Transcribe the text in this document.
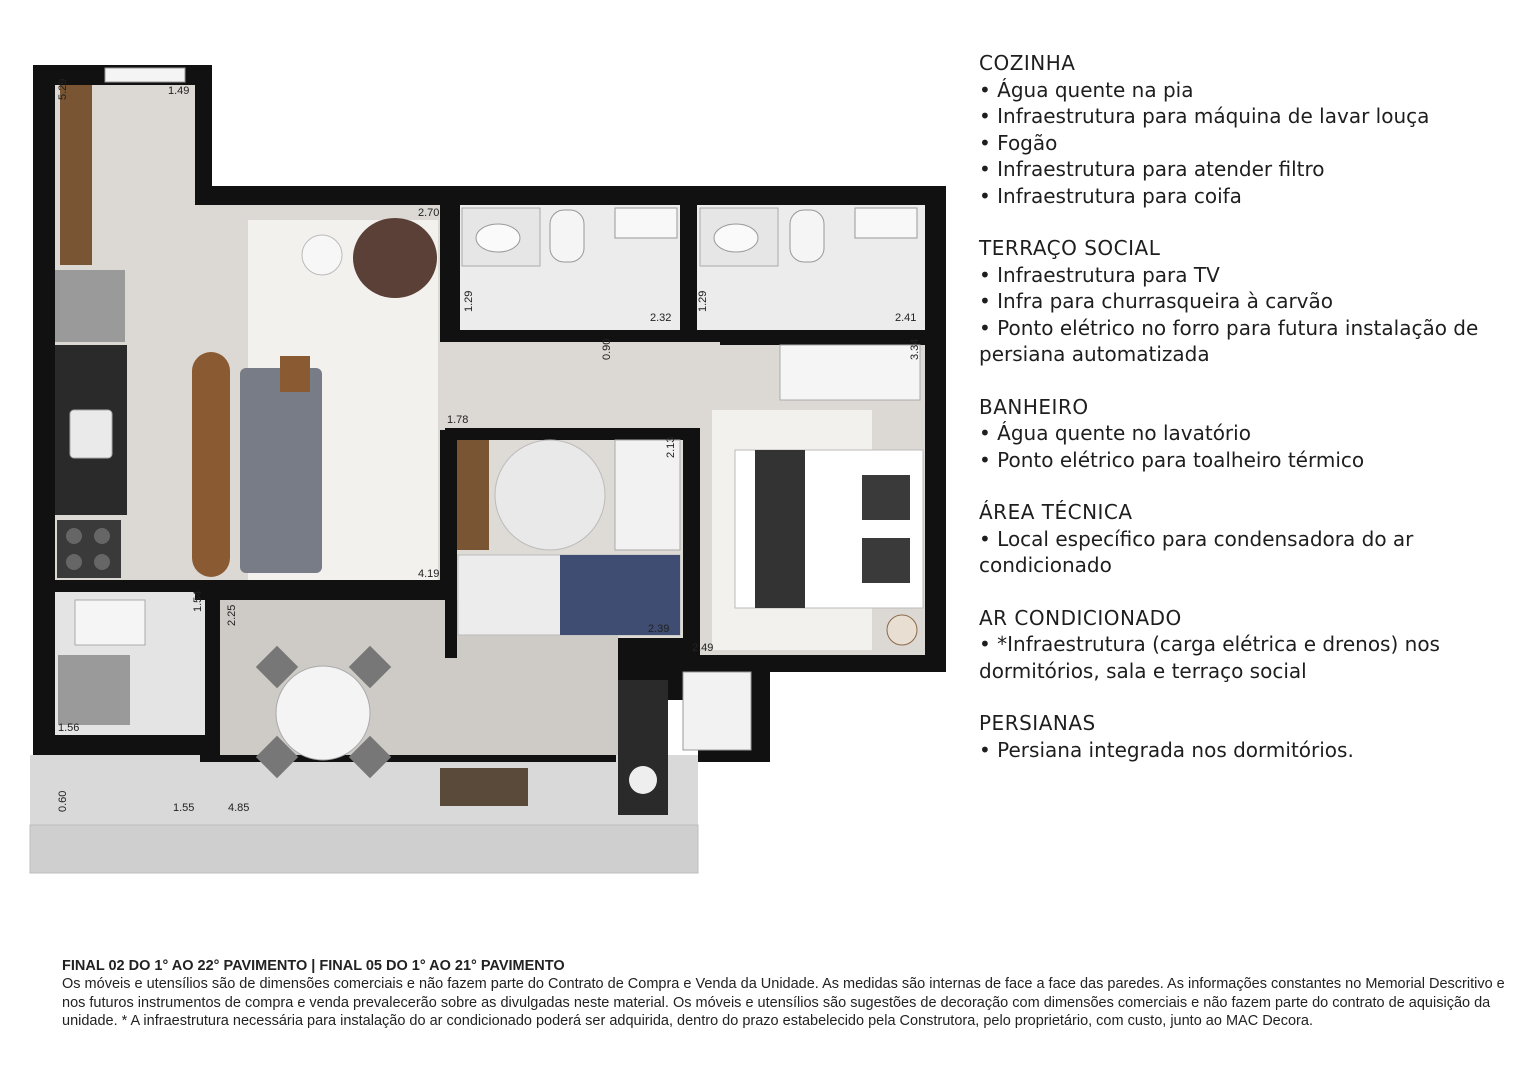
1.49
5.29
2.70
1.29
2.32
1.29
2.41
0.90	3.34
1.78
2.13
4.19
1.54
2.25
2.39
2.49
1.56
0.60	1.55	4.85
COZINHA
• Água quente na pia
• Infraestrutura para máquina de lavar louça
• Fogão
• Infraestrutura para atender filtro
• Infraestrutura para coifa
TERRAÇO SOCIAL
• Infraestrutura para TV
• Infra para churrasqueira à carvão
• Ponto elétrico no forro para futura instalação de persiana automatizada
BANHEIRO
• Água quente no lavatório
• Ponto elétrico para toalheiro térmico
ÁREA TÉCNICA
• Local específico para condensadora do ar condicionado
AR CONDICIONADO
• *Infraestrutura (carga elétrica e drenos) nos dormitórios, sala e terraço social
PERSIANAS
• Persiana integrada nos dormitórios.
FINAL 02 DO 1° AO 22° PAVIMENTO | FINAL 05 DO 1° AO 21° PAVIMENTO
Os móveis e utensílios são de dimensões comerciais e não fazem parte do Contrato de Compra e Venda da Unidade. As medidas são internas de face a face das paredes. As informações constantes no Memorial Descritivo e nos futuros instrumentos de compra e venda prevalecerão sobre as divulgadas neste material. Os móveis e utensílios são sugestões de decoração com dimensões comerciais e não fazem parte do contrato de aquisição da unidade. * A infraestrutura necessária para instalação do ar condicionado poderá ser adquirida, dentro do prazo estabelecido pela Construtora, pelo proprietário, com custo, junto ao MAC Decora.
